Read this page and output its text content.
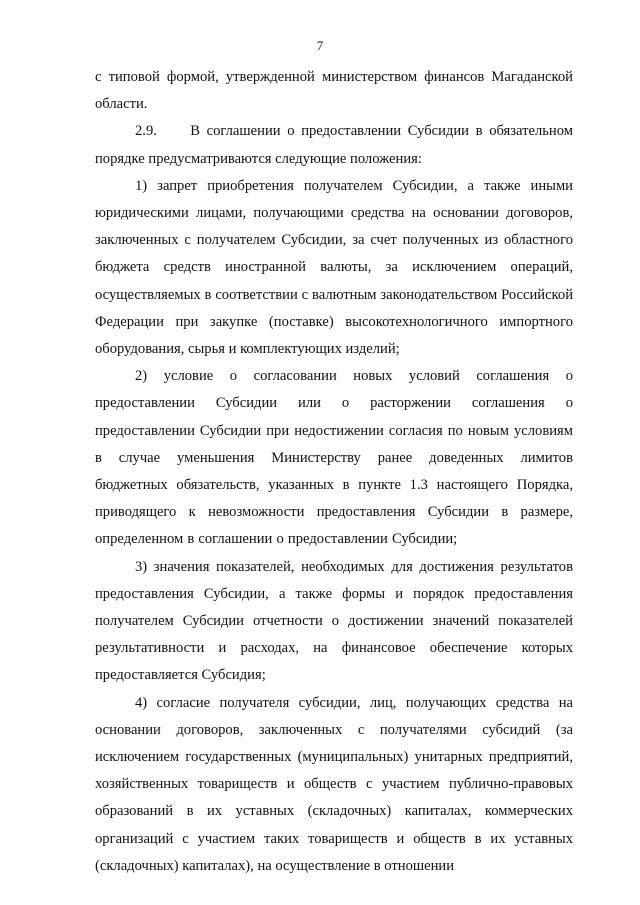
7

с типовой формой, утвержденной министерством финансов Магаданской области.

2.9.     В соглашении о предоставлении Субсидии в обязательном порядке предусматриваются следующие положения:

1) запрет приобретения получателем Субсидии, а также иными юридическими лицами, получающими средства на основании договоров, заключенных с получателем Субсидии, за счет полученных из областного бюджета средств иностранной валюты, за исключением операций, осуществляемых в соответствии с валютным законодательством Российской Федерации при закупке (поставке) высокотехнологичного импортного оборудования, сырья и комплектующих изделий;

2) условие о согласовании новых условий соглашения о предоставлении Субсидии или о расторжении соглашения о предоставлении Субсидии при недостижении согласия по новым условиям в случае уменьшения Министерству ранее доведенных лимитов бюджетных обязательств, указанных в пункте 1.3 настоящего Порядка, приводящего к невозможности предоставления Субсидии в размере, определенном в соглашении о предоставлении Субсидии;

3) значения показателей, необходимых для достижения результатов предоставления Субсидии, а также формы и порядок предоставления получателем Субсидии отчетности о достижении значений показателей результативности и расходах, на финансовое обеспечение которых предоставляется Субсидия;

4) согласие получателя субсидии, лиц, получающих средства на основании договоров, заключенных с получателями субсидий (за исключением государственных (муниципальных) унитарных предприятий, хозяйственных товариществ и обществ с участием публично-правовых образований в их уставных (складочных) капиталах, коммерческих организаций с участием таких товариществ и обществ в их уставных (складочных) капиталах), на осуществление в отношении
